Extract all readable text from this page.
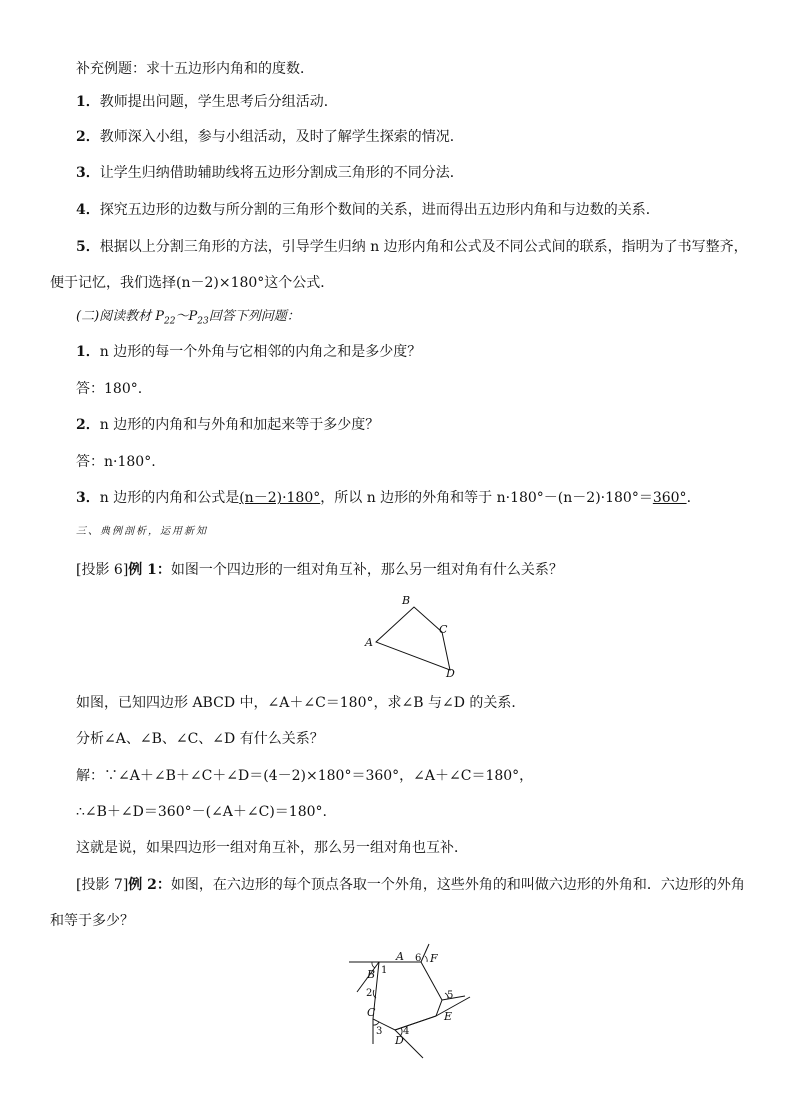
补充例题：求十五边形内角和的度数．
1．教师提出问题，学生思考后分组活动．
2．教师深入小组，参与小组活动，及时了解学生探索的情况．
3．让学生归纳借助辅助线将五边形分割成三角形的不同分法．
4．探究五边形的边数与所分割的三角形个数间的关系，进而得出五边形内角和与边数的关系．
5．根据以上分割三角形的方法，引导学生归纳 n 边形内角和公式及不同公式间的联系，指明为了书写整齐，
便于记忆，我们选择(n－2)×180°这个公式．
(二)阅读教材 $P_{22}\sim P_{23}$回答下列问题：
1．n 边形的每一个外角与它相邻的内角之和是多少度？
答：180°.
2．n 边形的内角和与外角和加起来等于多少度？
答：n·180°.
3．n 边形的内角和公式是(n－2)·180°，所以 n 边形的外角和等于 n·180°－(n－2)·180°＝360°.
三、典例剖析，运用新知
[投影 6]例 1：如图一个四边形的一组对角互补，那么另一组对角有什么关系？
B
A
C
D
如图，已知四边形 ABCD 中，∠A＋∠C＝180°，求∠B 与∠D 的关系．
分析∠A、∠B、∠C、∠D 有什么关系？
解：∵∠A＋∠B＋∠C＋∠D＝(4－2)×180°＝360°，∠A＋∠C＝180°，
∴∠B＋∠D＝360°－(∠A＋∠C)＝180°.
这就是说，如果四边形一组对角互补，那么另一组对角也互补．
[投影 7]例 2：如图，在六边形的每个顶点各取一个外角，这些外角的和叫做六边形的外角和．六边形的外角
和等于多少？
A
B
C
D
E
F
1
2
3 4
5
6
